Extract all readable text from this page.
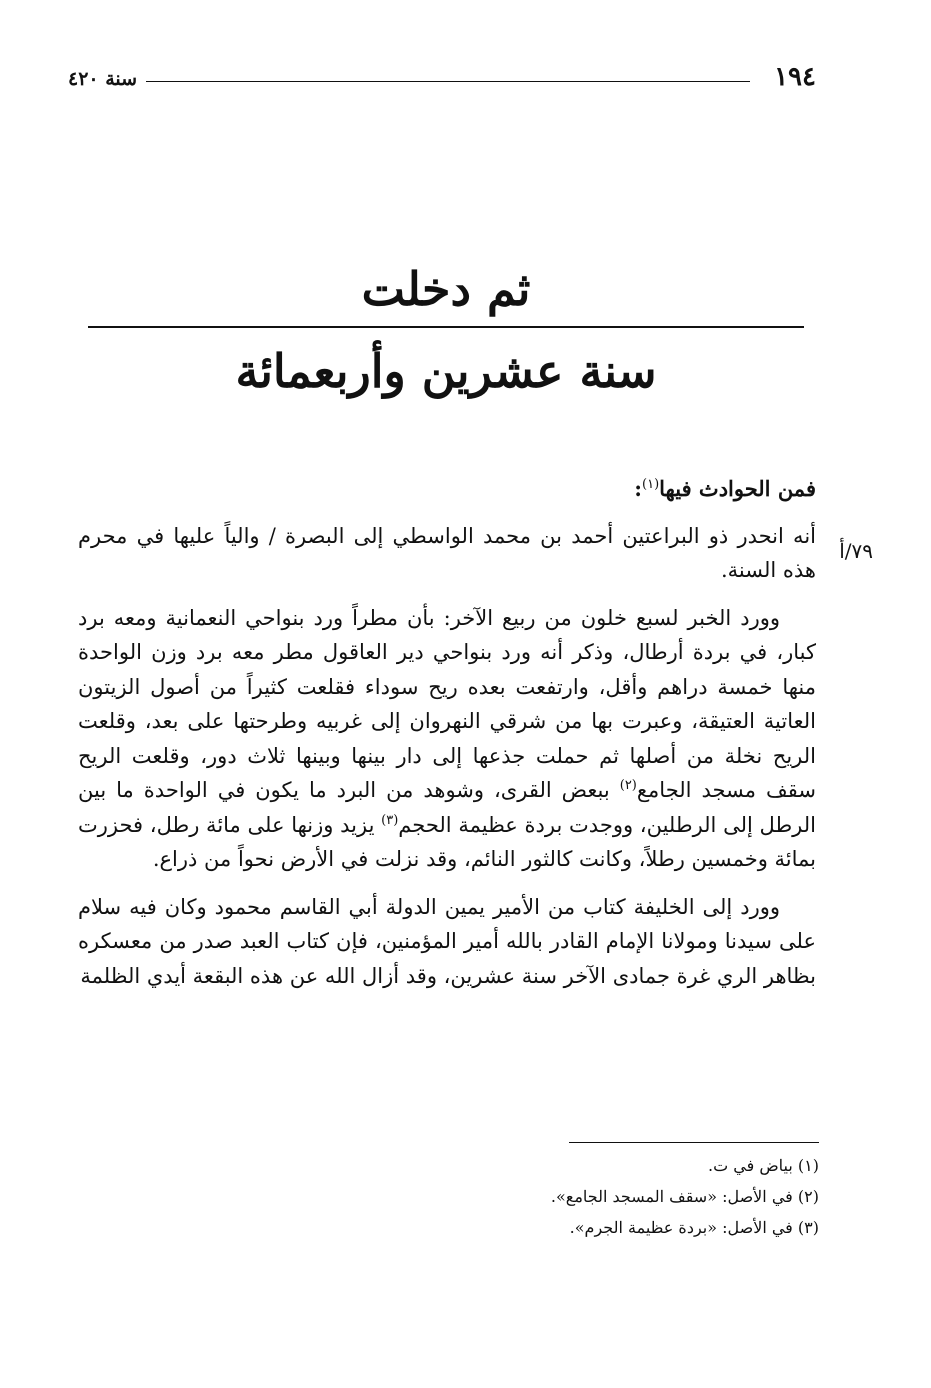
١٩٤
سنة ٤٢٠
ثم دخلت
سنة عشرين وأربعمائة
٧٩/أ

فمن الحوادث فيها$^{(١)}$:

أنه انحدر ذو البراعتين أحمد بن محمد الواسطي إلى البصرة / والياً عليها في محرم هذه السنة.

وورد الخبر لسبع خلون من ربيع الآخر: بأن مطراً ورد بنواحي النعمانية ومعه برد كبار، في بردة أرطال، وذكر أنه ورد بنواحي دير العاقول مطر معه برد وزن الواحدة منها خمسة دراهم وأقل، وارتفعت بعده ريح سوداء فقلعت كثيراً من أصول الزيتون العاتية العتيقة، وعبرت بها من شرقي النهروان إلى غربيه وطرحتها على بعد، وقلعت الريح نخلة من أصلها ثم حملت جذعها إلى دار بينها وبينها ثلاث دور، وقلعت الريح سقف مسجد الجامع$^{(٢)}$ ببعض القرى، وشوهد من البرد ما يكون في الواحدة ما بين الرطل إلى الرطلين، ووجدت بردة عظيمة الحجم$^{(٣)}$ يزيد وزنها على مائة رطل، فحزرت بمائة وخمسين رطلاً، وكانت كالثور النائم، وقد نزلت في الأرض نحواً من ذراع.

وورد إلى الخليفة كتاب من الأمير يمين الدولة أبي القاسم محمود وكان فيه سلام على سيدنا ومولانا الإمام القادر بالله أمير المؤمنين، فإن كتاب العبد صدر من معسكره بظاهر الري غرة جمادى الآخر سنة عشرين، وقد أزال الله عن هذه البقعة أيدي الظلمة

(١) بياض في ت.
(٢) في الأصل: «سقف المسجد الجامع».
(٣) في الأصل: «بردة عظيمة الجرم».
